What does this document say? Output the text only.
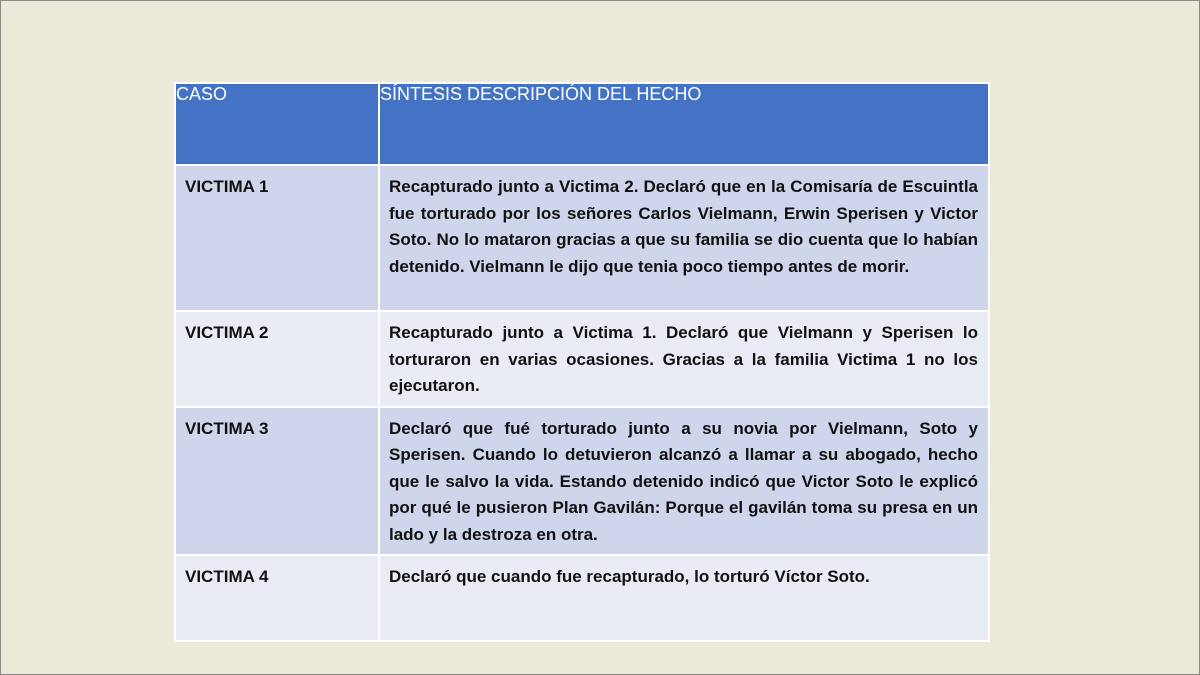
CASO	SÍNTESIS DESCRIPCIÓN DEL HECHO
VICTIMA 1	Recapturado junto a Victima 2. Declaró que en la Comisaría de Escuintla fue torturado por los señores Carlos Vielmann, Erwin Sperisen y Victor Soto. No lo mataron gracias a que su familia se dio cuenta que lo habían detenido. Vielmann le dijo que tenia poco tiempo antes de morir.
VICTIMA 2	Recapturado junto a Victima 1. Declaró que Vielmann y Sperisen lo torturaron en varias ocasiones. Gracias a la familia Victima 1 no los ejecutaron.
VICTIMA 3	Declaró que fué torturado junto a su novia por Vielmann, Soto y Sperisen. Cuando lo detuvieron alcanzó a llamar a su abogado, hecho que le salvo la vida. Estando detenido indicó que Victor Soto le explicó por qué le pusieron Plan Gavilán: Porque el gavilán toma su presa en un lado y la destroza en otra.
VICTIMA 4	Declaró que cuando fue recapturado, lo torturó Víctor Soto.
